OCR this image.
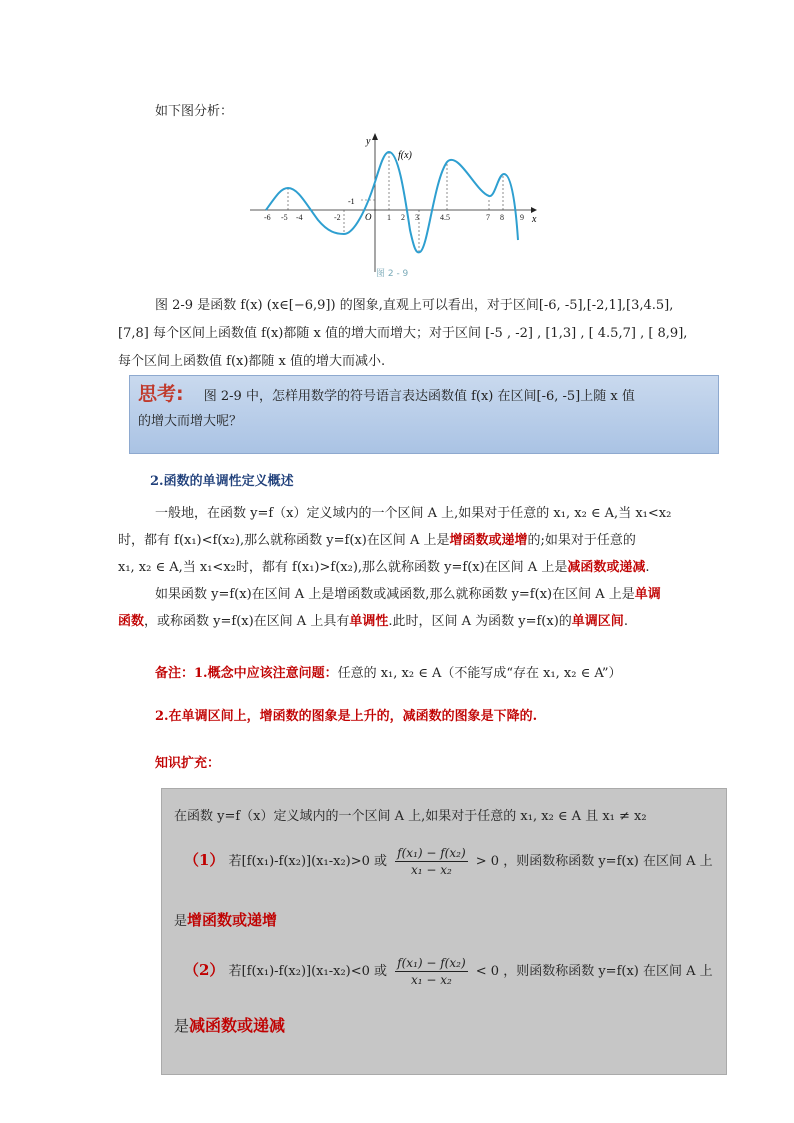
如下图分析：
y
x
f(x)
O
-1
-6 -5 -4	-2	1 2 3	4.5	7 8 9
图 2 - 9
图 2-9 是函数 f(x) (x∈[−6,9]) 的图象,直观上可以看出，对于区间[-6, -5],[-2,1],[3,4.5],
[7,8] 每个区间上函数值 f(x)都随 x 值的增大而增大；对于区间 [-5 , -2] , [1,3] , [ 4.5,7] , [ 8,9],
每个区间上函数值 f(x)都随 x 值的增大而减小.
思考: 图 2-9 中，怎样用数学的符号语言表达函数值 f(x) 在区间[-6, -5]上随 x 值
的增大而增大呢？
2.函数的单调性定义概述
一般地，在函数 y=f（x）定义域内的一个区间 A 上,如果对于任意的 x₁, x₂ ∈ A,当 x₁<x₂
时，都有 f(x₁)<f(x₂),那么就称函数 y=f(x)在区间 A 上是增函数或递增的;如果对于任意的
x₁, x₂ ∈ A,当 x₁<x₂时，都有 f(x₁)>f(x₂),那么就称函数 y=f(x)在区间 A 上是减函数或递减.
如果函数 y=f(x)在区间 A 上是增函数或减函数,那么就称函数 y=f(x)在区间 A 上是单调
函数，或称函数 y=f(x)在区间 A 上具有单调性.此时，区间 A 为函数 y=f(x)的单调区间.
备注：1.概念中应该注意问题：任意的 x₁, x₂ ∈ A（不能写成“存在 x₁, x₂ ∈ A”）
2.在单调区间上，增函数的图象是上升的，减函数的图象是下降的.
知识扩充：
在函数 y=f（x）定义域内的一个区间 A 上,如果对于任意的 x₁, x₂ ∈ A 且 x₁ ≠ x₂
（1） 若[f(x₁)-f(x₂)](x₁-x₂)>0 或 $\frac{\text{f(x₁) − f(x₂)}}{\text{x₁ − x₂}} > 0$ ，则函数称函数 y=f(x) 在区间 A 上
是增函数或递增
（2） 若[f(x₁)-f(x₂)](x₁-x₂)<0 或 $\frac{\text{f(x₁) − f(x₂)}}{\text{x₁ − x₂}} < 0$ ，则函数称函数 y=f(x) 在区间 A 上
是减函数或递减
